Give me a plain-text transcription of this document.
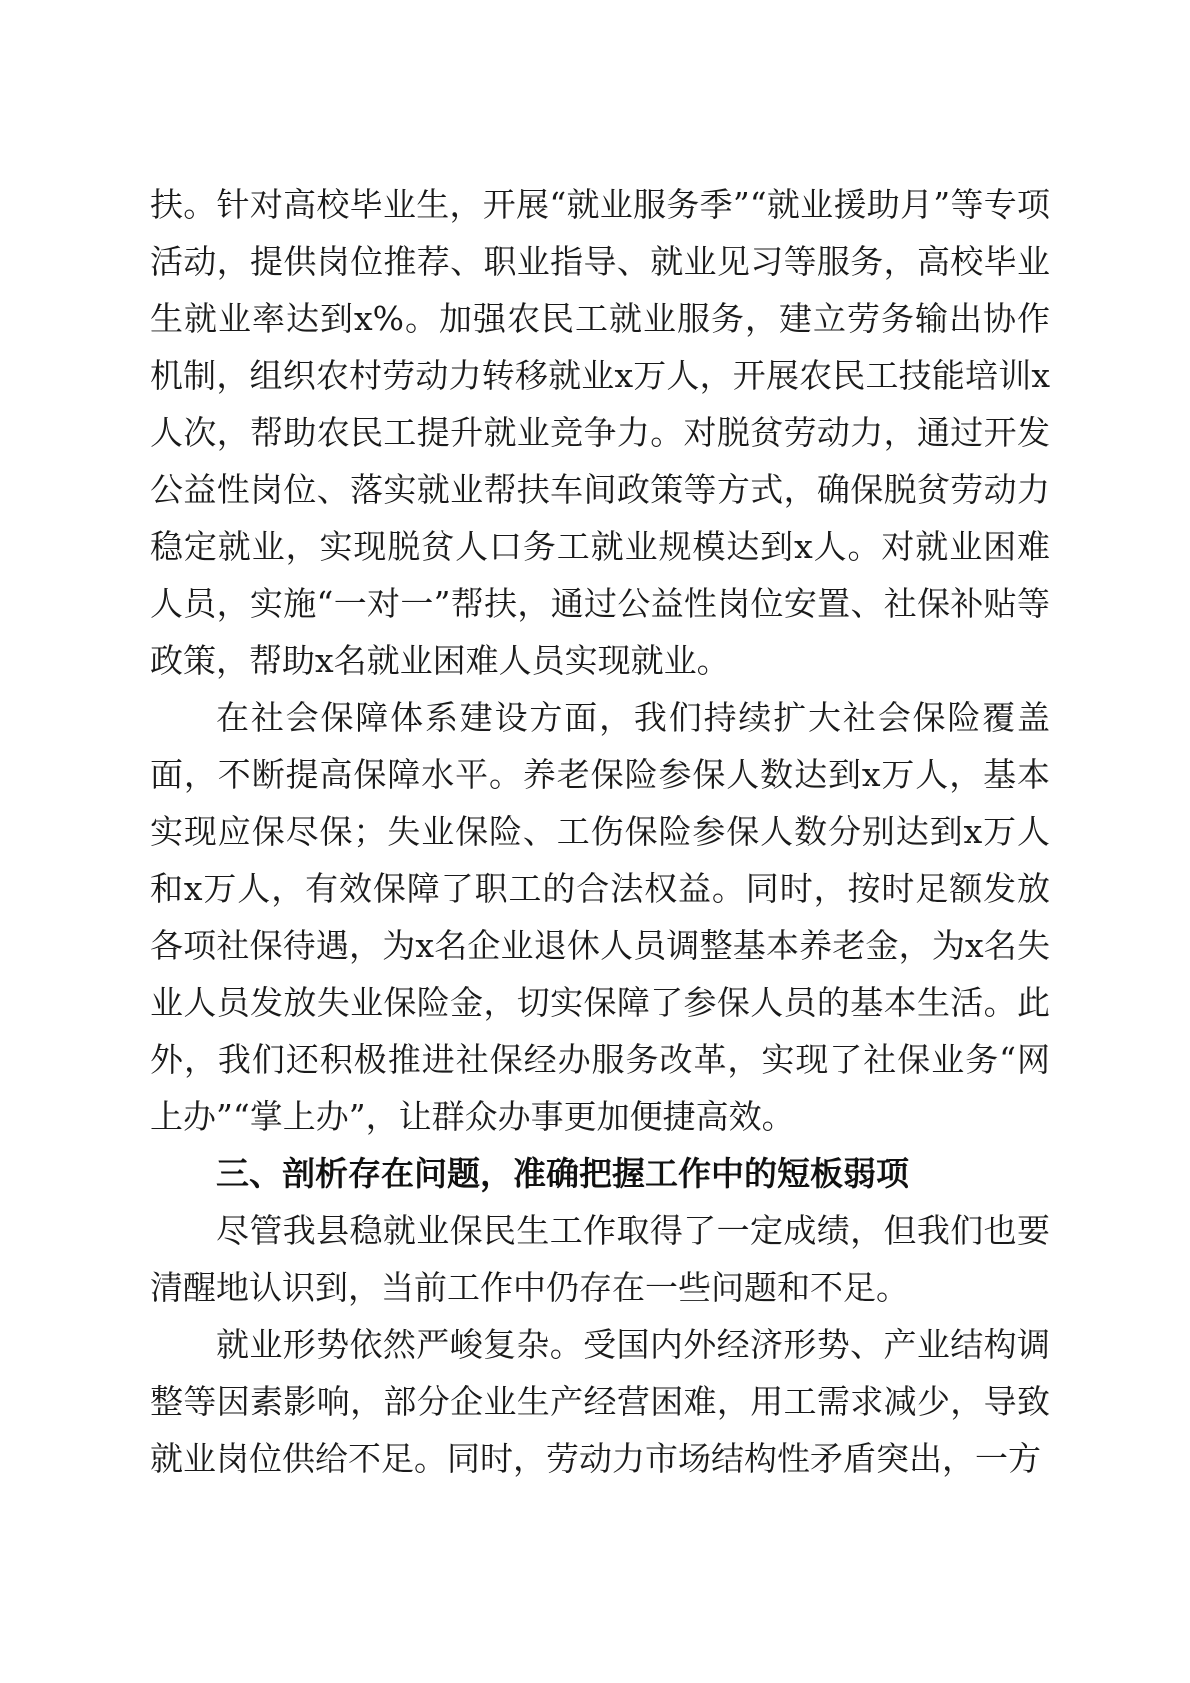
扶。针对高校毕业生，开展“就业服务季”“就业援助月”等专项活动，提供岗位推荐、职业指导、就业见习等服务，高校毕业生就业率达到x%。加强农民工就业服务，建立劳务输出协作机制，组织农村劳动力转移就业x万人，开展农民工技能培训x人次，帮助农民工提升就业竞争力。对脱贫劳动力，通过开发公益性岗位、落实就业帮扶车间政策等方式，确保脱贫劳动力稳定就业，实现脱贫人口务工就业规模达到x人。对就业困难人员，实施“一对一”帮扶，通过公益性岗位安置、社保补贴等政策，帮助x名就业困难人员实现就业。

在社会保障体系建设方面，我们持续扩大社会保险覆盖面，不断提高保障水平。养老保险参保人数达到x万人，基本实现应保尽保；失业保险、工伤保险参保人数分别达到x万人和x万人，有效保障了职工的合法权益。同时，按时足额发放各项社保待遇，为x名企业退休人员调整基本养老金，为x名失业人员发放失业保险金，切实保障了参保人员的基本生活。此外，我们还积极推进社保经办服务改革，实现了社保业务“网上办”“掌上办”，让群众办事更加便捷高效。

三、剖析存在问题，准确把握工作中的短板弱项

尽管我县稳就业保民生工作取得了一定成绩，但我们也要清醒地认识到，当前工作中仍存在一些问题和不足。

就业形势依然严峻复杂。受国内外经济形势、产业结构调整等因素影响，部分企业生产经营困难，用工需求减少，导致就业岗位供给不足。同时，劳动力市场结构性矛盾突出，一方
